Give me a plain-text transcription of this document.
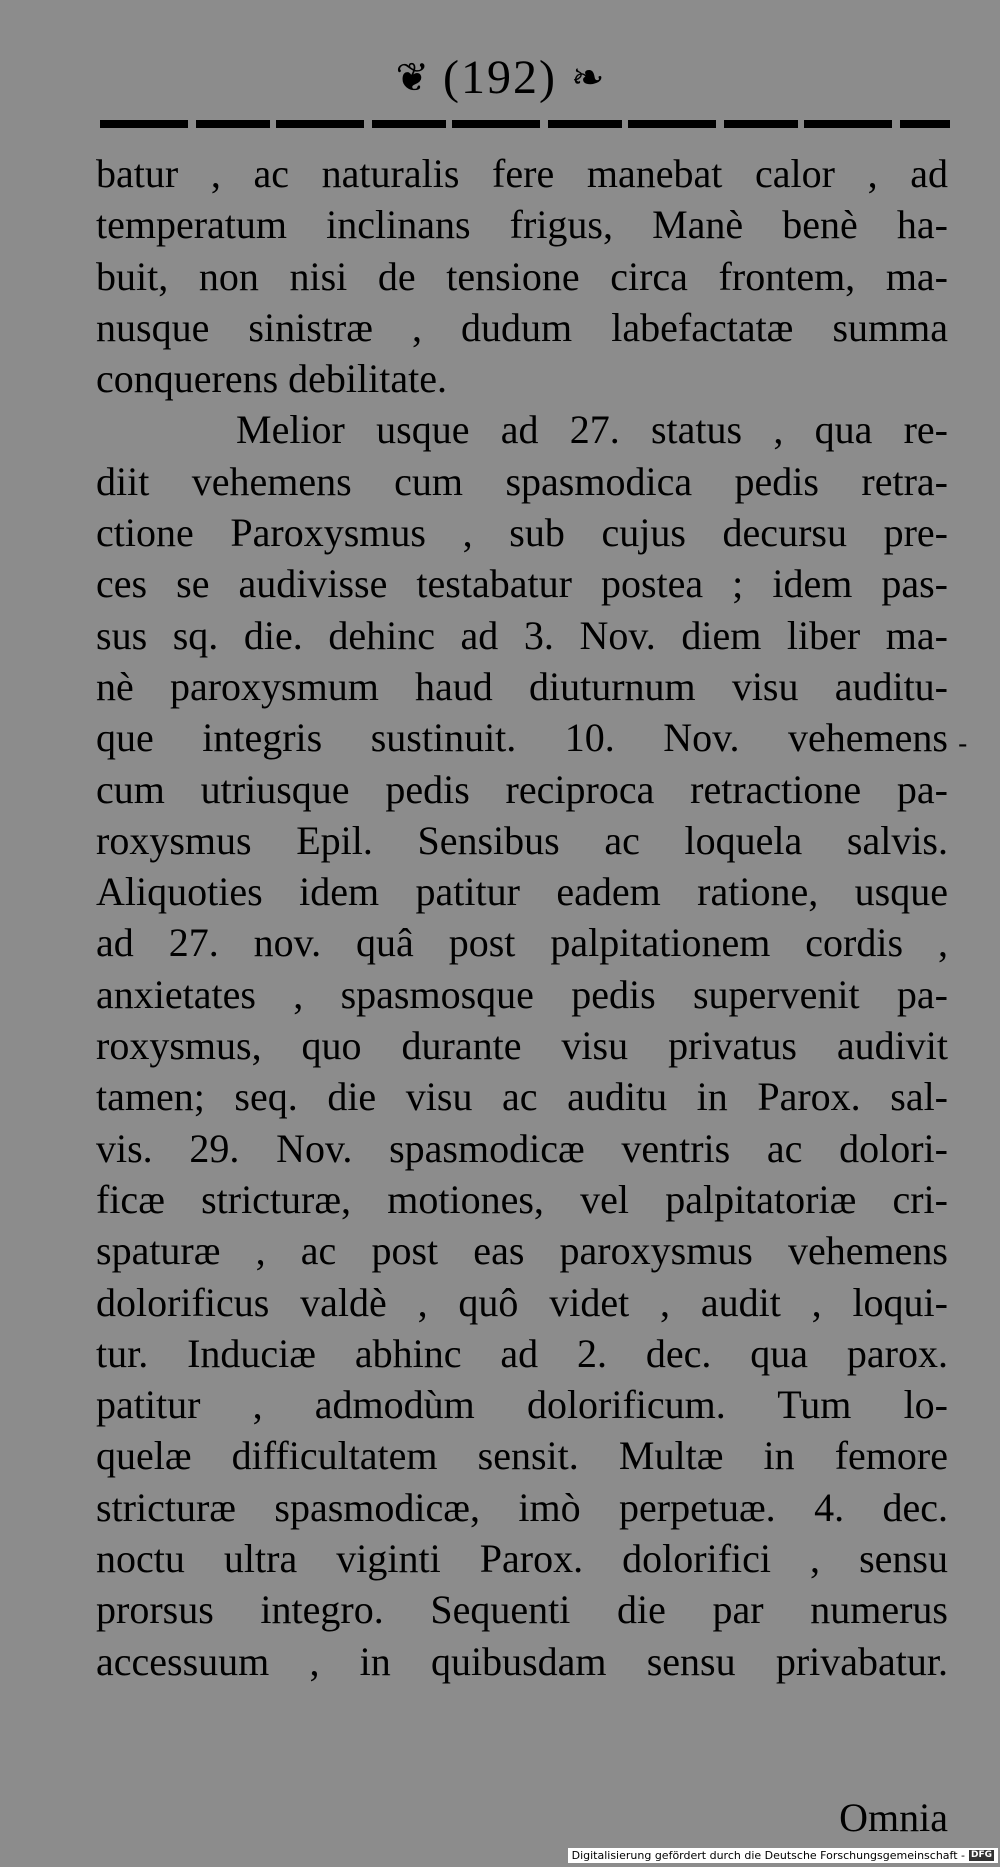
❦ (192) ❧
batur , ac naturalis fere manebat calor , ad
temperatum inclinans frigus, Manè benè ha-
buit, non nisi de tensione circa frontem, ma-
nusque sinistræ , dudum labefactatæ summa
conquerens debilitate.
Melior usque ad 27. status , qua re-
diit vehemens cum spasmodica pedis retra-
ctione Paroxysmus , sub cujus decursu pre-
ces se audivisse testabatur postea ; idem pas-
sus sq. die. dehinc ad 3. Nov. diem liber ma-
nè paroxysmum haud diuturnum visu auditu-
que integris sustinuit. 10. Nov. vehemens
cum utriusque pedis reciproca retractione pa-
roxysmus Epil. Sensibus ac loquela salvis.
Aliquoties idem patitur eadem ratione, usque
ad 27. nov. quâ post palpitationem cordis ,
anxietates , spasmosque pedis supervenit pa-
roxysmus, quo durante visu privatus audivit
tamen; seq. die visu ac auditu in Parox. sal-
vis. 29. Nov. spasmodicæ ventris ac dolori-
ficæ stricturæ, motiones, vel palpitatoriæ cri-
spaturæ , ac post eas paroxysmus vehemens
dolorificus valdè , quô videt , audit , loqui-
tur. Induciæ abhinc ad 2. dec. qua parox.
patitur , admodùm dolorificum. Tum lo-
quelæ difficultatem sensit. Multæ in femore
stricturæ spasmodicæ, imò perpetuæ. 4. dec.
noctu ultra viginti Parox. dolorifici , sensu
prorsus integro. Sequenti die par numerus
accessuum , in quibusdam sensu privabatur.
-
Omnia
Digitalisierung gefördert durch die Deutsche Forschungsgemeinschaft - DFG
